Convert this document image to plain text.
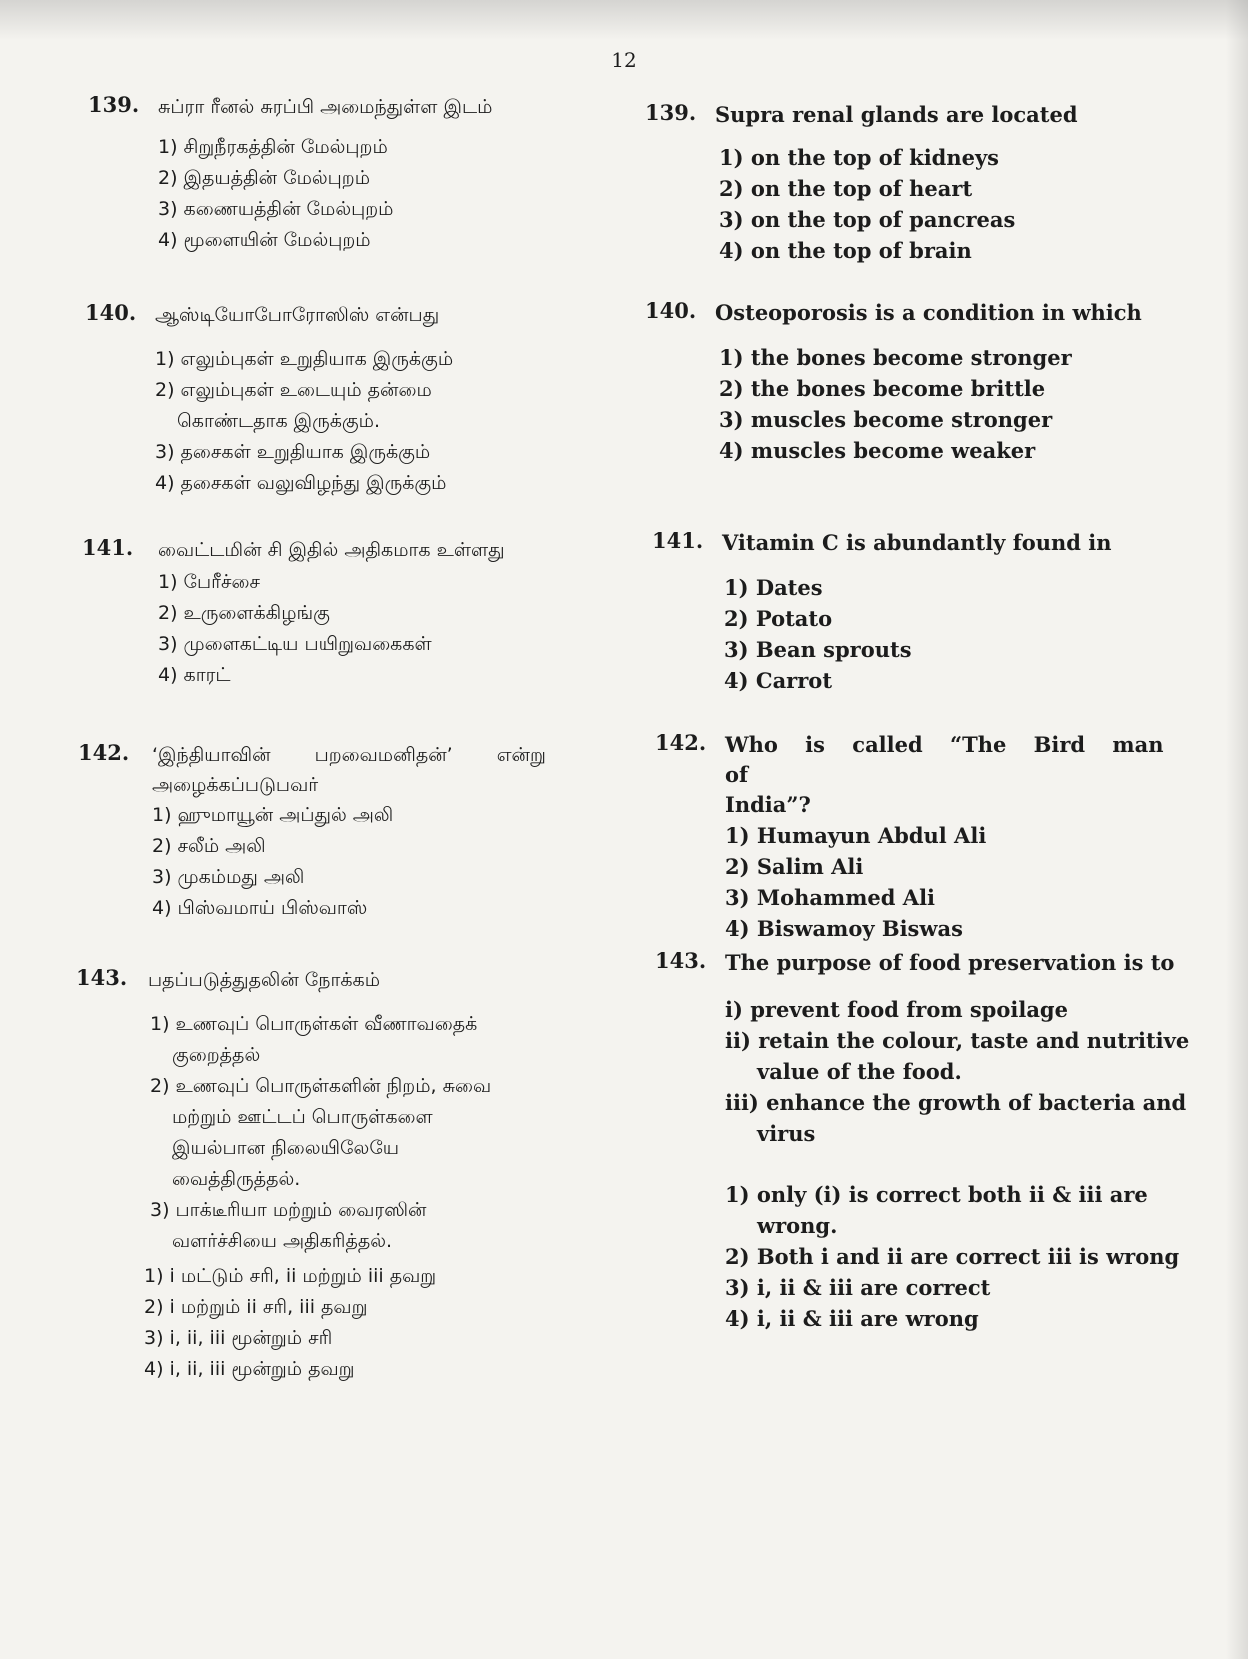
12
139. சுப்ரா ரீனல் சுரப்பி அமைந்துள்ள இடம்
1) சிறுநீரகத்தின் மேல்புறம்
2) இதயத்தின் மேல்புறம்
3) கணையத்தின் மேல்புறம்
4) மூளையின் மேல்புறம்
139. Supra renal glands are located
1) on the top of kidneys
2) on the top of heart
3) on the top of pancreas
4) on the top of brain
140. ஆஸ்டியோபோரோஸிஸ் என்பது
1) எலும்புகள் உறுதியாக இருக்கும்
2) எலும்புகள் உடையும் தன்மை
கொண்டதாக இருக்கும்.
3) தசைகள் உறுதியாக இருக்கும்
4) தசைகள் வலுவிழந்து இருக்கும்
140. Osteoporosis is a condition in which
1) the bones become stronger
2) the bones become brittle
3) muscles become stronger
4) muscles become weaker
141.	வைட்டமின் சி இதில் அதிகமாக உள்ளது
1) பேரீச்சை
2) உருளைக்கிழங்கு
3) முளைகட்டிய பயிறுவகைகள்
4) காரட்
141. Vitamin C is abundantly found in
1) Dates
2) Potato
3) Bean sprouts
4) Carrot
142.	‘இந்தியாவின் பறவைமனிதன்’ என்று
அழைக்கப்படுபவர்
1) ஹுமாயூன் அப்துல் அலி
2) சலீம் அலி
3) முகம்மது அலி
4) பிஸ்வமாய் பிஸ்வாஸ்
142. Who is called “The Bird man of
India”?
1) Humayun Abdul Ali
2) Salim Ali
3) Mohammed Ali
4) Biswamoy Biswas
143.	பதப்படுத்துதலின் நோக்கம்
1) உணவுப் பொருள்கள் வீணாவதைக்
குறைத்தல்
2) உணவுப் பொருள்களின் நிறம், சுவை
மற்றும் ஊட்டப் பொருள்களை
இயல்பான நிலையிலேயே
வைத்திருத்தல்.
3) பாக்டீரியா மற்றும் வைரஸின்
வளர்ச்சியை அதிகரித்தல்.
1) i மட்டும் சரி, ii மற்றும் iii தவறு
2) i மற்றும் ii சரி, iii தவறு
3) i, ii, iii மூன்றும் சரி
4) i, ii, iii மூன்றும் தவறு
143. The purpose of food preservation is to
i) prevent food from spoilage
ii) retain the colour, taste and nutritive
value of the food.
iii) enhance the growth of bacteria and
virus
1) only (i) is correct both ii & iii are
wrong.
2) Both i and ii are correct iii is wrong
3) i, ii & iii are correct
4) i, ii & iii are wrong
